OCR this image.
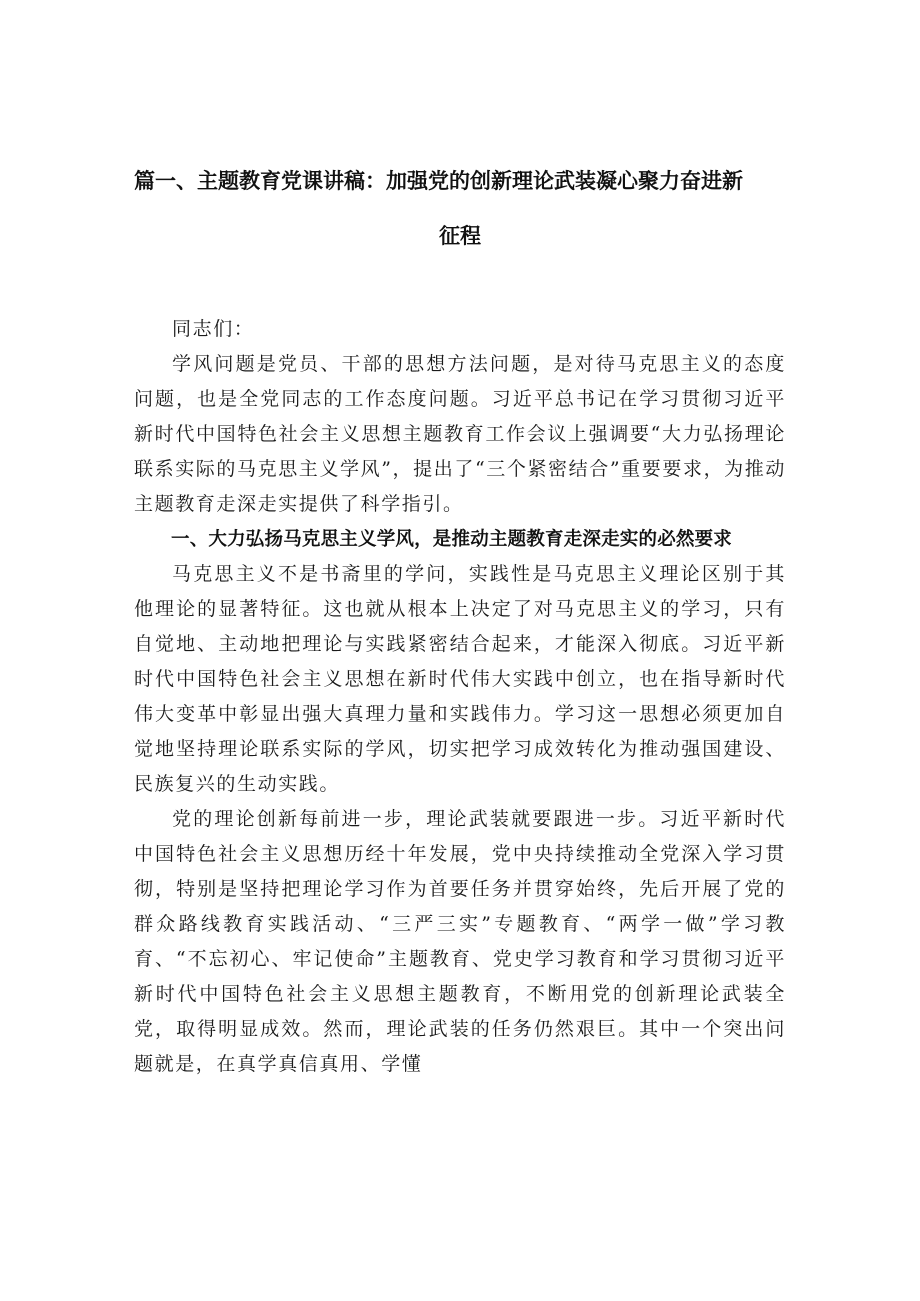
篇一、主题教育党课讲稿：加强党的创新理论武装凝心聚力奋进新
征程

同志们：

学风问题是党员、干部的思想方法问题，是对待马克思主义的态度问题，也是全党同志的工作态度问题。习近平总书记在学习贯彻习近平新时代中国特色社会主义思想主题教育工作会议上强调要“大力弘扬理论联系实际的马克思主义学风”，提出了“三个紧密结合”重要要求，为推动主题教育走深走实提供了科学指引。

一、大力弘扬马克思主义学风，是推动主题教育走深走实的必然要求

马克思主义不是书斋里的学问，实践性是马克思主义理论区别于其他理论的显著特征。这也就从根本上决定了对马克思主义的学习，只有自觉地、主动地把理论与实践紧密结合起来，才能深入彻底。习近平新时代中国特色社会主义思想在新时代伟大实践中创立，也在指导新时代伟大变革中彰显出强大真理力量和实践伟力。学习这一思想必须更加自觉地坚持理论联系实际的学风，切实把学习成效转化为推动强国建设、民族复兴的生动实践。

党的理论创新每前进一步，理论武装就要跟进一步。习近平新时代中国特色社会主义思想历经十年发展，党中央持续推动全党深入学习贯彻，特别是坚持把理论学习作为首要任务并贯穿始终，先后开展了党的群众路线教育实践活动、“三严三实”专题教育、“两学一做”学习教育、“不忘初心、牢记使命”主题教育、党史学习教育和学习贯彻习近平新时代中国特色社会主义思想主题教育，不断用党的创新理论武装全党，取得明显成效。然而，理论武装的任务仍然艰巨。其中一个突出问题就是，在真学真信真用、学懂
